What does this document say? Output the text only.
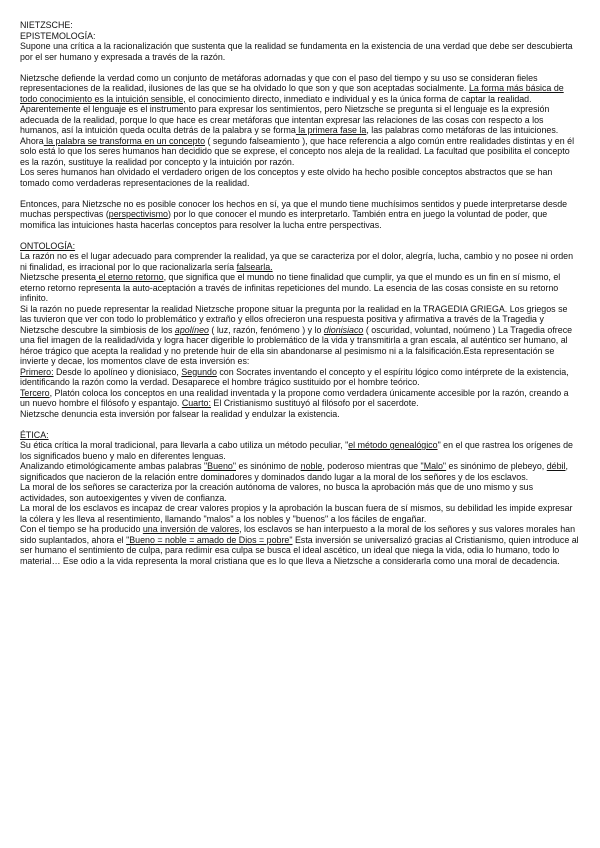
NIETZSCHE:

EPISTEMOLOGÍA:

Supone una crítica a la racionalización que sustenta que la realidad se fundamenta en la existencia de una verdad que debe ser descubierta por el ser humano y expresada a través de la razón.

Nietzsche defiende la verdad como un conjunto de metáforas adornadas y que con el paso del tiempo y su uso se consideran fieles representaciones de la realidad, ilusiones de las que se ha olvidado lo que son y que son aceptadas socialmente. La forma más básica de todo conocimiento es la intuición sensible, el conocimiento directo, inmediato e individual y es la única forma de captar la realidad. Aparentemente el lenguaje es el instrumento para expresar los sentimientos, pero Nietzsche se pregunta si el lenguaje es la expresión adecuada de la realidad, porque lo que hace es crear metáforas que intentan expresar las relaciones de las cosas con respecto a los humanos, así la intuición queda oculta detrás de la palabra y se forma la primera fase la, las palabras como metáforas de las intuiciones.

Ahora la palabra se transforma en un concepto ( segundo falseamiento ), que hace referencia a algo común entre realidades distintas y en él solo está lo que los seres humanos han decidido que se exprese, el concepto nos aleja de la realidad. La facultad que posibilita el concepto es la razón, sustituye la realidad por concepto y la intuición por razón.

Los seres humanos han olvidado el verdadero origen de los conceptos y este olvido ha hecho posible conceptos abstractos que se han tomado como verdaderas representaciones de la realidad.

Entonces, para Nietzsche no es posible conocer los hechos en sí, ya que el mundo tiene muchísimos sentidos y puede interpretarse desde muchas perspectivas (perspectivismo) por lo que conocer el mundo es interpretarlo. También entra en juego la voluntad de poder, que momifica las intuiciones hasta hacerlas conceptos para resolver la lucha entre perspectivas.

ONTOLOGÍA:

La razón no es el lugar adecuado para comprender la realidad, ya que se caracteriza por el dolor, alegría, lucha, cambio y no posee ni orden ni finalidad, es irracional por lo que racionalizarla sería falsearla.

Nietzsche presenta el eterno retorno, que significa que el mundo no tiene finalidad que cumplir, ya que el mundo es un fin en sí mismo, el eterno retorno representa la auto-aceptación a través de infinitas repeticiones del mundo. La esencia de las cosas consiste en su retorno infinito.

Si la razón no puede representar la realidad Nietzsche propone situar la pregunta por la realidad en la TRAGEDIA GRIEGA. Los griegos se las tuvieron que ver con todo lo problemático y extraño y ellos ofrecieron una respuesta positiva y afirmativa a través de la Tragedia y Nietzsche descubre la simbiosis de los apolíneo ( luz, razón, fenómeno ) y lo dionisiaco ( oscuridad, voluntad, noúmeno ) La Tragedia ofrece una fiel imagen de la realidad/vida y logra hacer digerible lo problemático de la vida y transmitirla a gran escala, al auténtico ser humano, al héroe trágico que acepta la realidad y no pretende huir de ella sin abandonarse al pesimismo ni a la falsificación.Esta representación se invierte y decae, los momentos clave de esta inversión es:

Primero: Desde lo apolíneo y dionisiaco, Segundo con Socrates inventando el concepto y el espíritu lógico como intérprete de la existencia, identificando la razón como la verdad. Desaparece el hombre trágico sustituido por el hombre teórico.

Tercero, Platón coloca los conceptos en una realidad inventada y la propone como verdadera únicamente accesible por la razón, creando a un nuevo hombre el filósofo y espantajo. Cuarto: El Cristianismo sustituyó al filósofo por el sacerdote.

Nietzsche denuncia esta inversión por falsear la realidad y endulzar la existencia.

ÉTICA:

Su ética crítica la moral tradicional, para llevarla a cabo utiliza un método peculiar, "el método genealógico" en el que rastrea los orígenes de los significados bueno y malo en diferentes lenguas.

Analizando etimológicamente ambas palabras "Bueno" es sinónimo de noble, poderoso mientras que "Malo" es sinónimo de plebeyo, débil, significados que nacieron de la relación entre dominadores y dominados dando lugar a la moral de los señores y de los esclavos.

La moral de los señores se caracteriza por la creación autónoma de valores, no busca la aprobación más que de uno mismo y sus actividades, son autoexigentes y viven de confianza.

La moral de los esclavos es incapaz de crear valores propios y la aprobación la buscan fuera de sí mismos, su debilidad les impide expresar la cólera y les lleva al resentimiento, llamando "malos" a los nobles y "buenos" a los fáciles de engañar.

Con el tiempo se ha producido una inversión de valores, los esclavos se han interpuesto a la moral de los señores y sus valores morales han sido suplantados, ahora el "Bueno = noble = amado de Dios = pobre" Esta inversión se universalizó gracias al Cristianismo, quien introduce al ser humano el sentimiento de culpa, para redimir esa culpa se busca el ideal ascético, un ideal que niega la vida, odia lo humano, todo lo material… Ese odio a la vida representa la moral cristiana que es lo que lleva a Nietzsche a considerarla como una moral de decadencia.
